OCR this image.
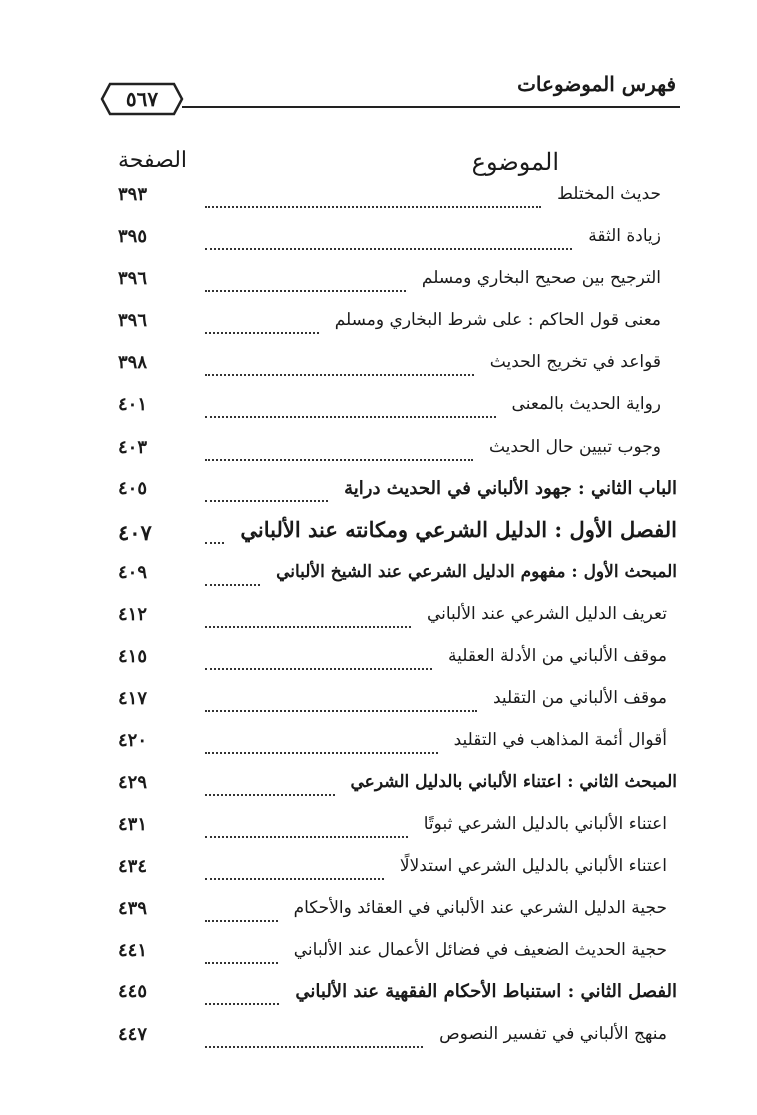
٥٦٧
فهرس الموضوعات
الموضوع
الصفحة
حديث المختلط
٣٩٣
زيادة الثقة
٣٩٥
الترجيح بين صحيح البخاري ومسلم
٣٩٦
معنى قول الحاكم : على شرط البخاري ومسلم
٣٩٦
قواعد في تخريج الحديث
٣٩٨
رواية الحديث بالمعنى
٤٠١
وجوب تبيين حال الحديث
٤٠٣
الباب الثاني : جهود الألباني في الحديث دراية
٤٠٥
الفصل الأول : الدليل الشرعي ومكانته عند الألباني
٤٠٧
المبحث الأول : مفهوم الدليل الشرعي عند الشيخ الألباني
٤٠٩
تعريف الدليل الشرعي عند الألباني
٤١٢
موقف الألباني من الأدلة العقلية
٤١٥
موقف الألباني من التقليد
٤١٧
أقوال أئمة المذاهب في التقليد
٤٢٠
المبحث الثاني : اعتناء الألباني بالدليل الشرعي
٤٢٩
اعتناء الألباني بالدليل الشرعي ثبوتًا
٤٣١
اعتناء الألباني بالدليل الشرعي استدلالًا
٤٣٤
حجية الدليل الشرعي عند الألباني في العقائد والأحكام
٤٣٩
حجية الحديث الضعيف في فضائل الأعمال عند الألباني
٤٤١
الفصل الثاني : استنباط الأحكام الفقهية عند الألباني
٤٤٥
منهج الألباني في تفسير النصوص
٤٤٧
